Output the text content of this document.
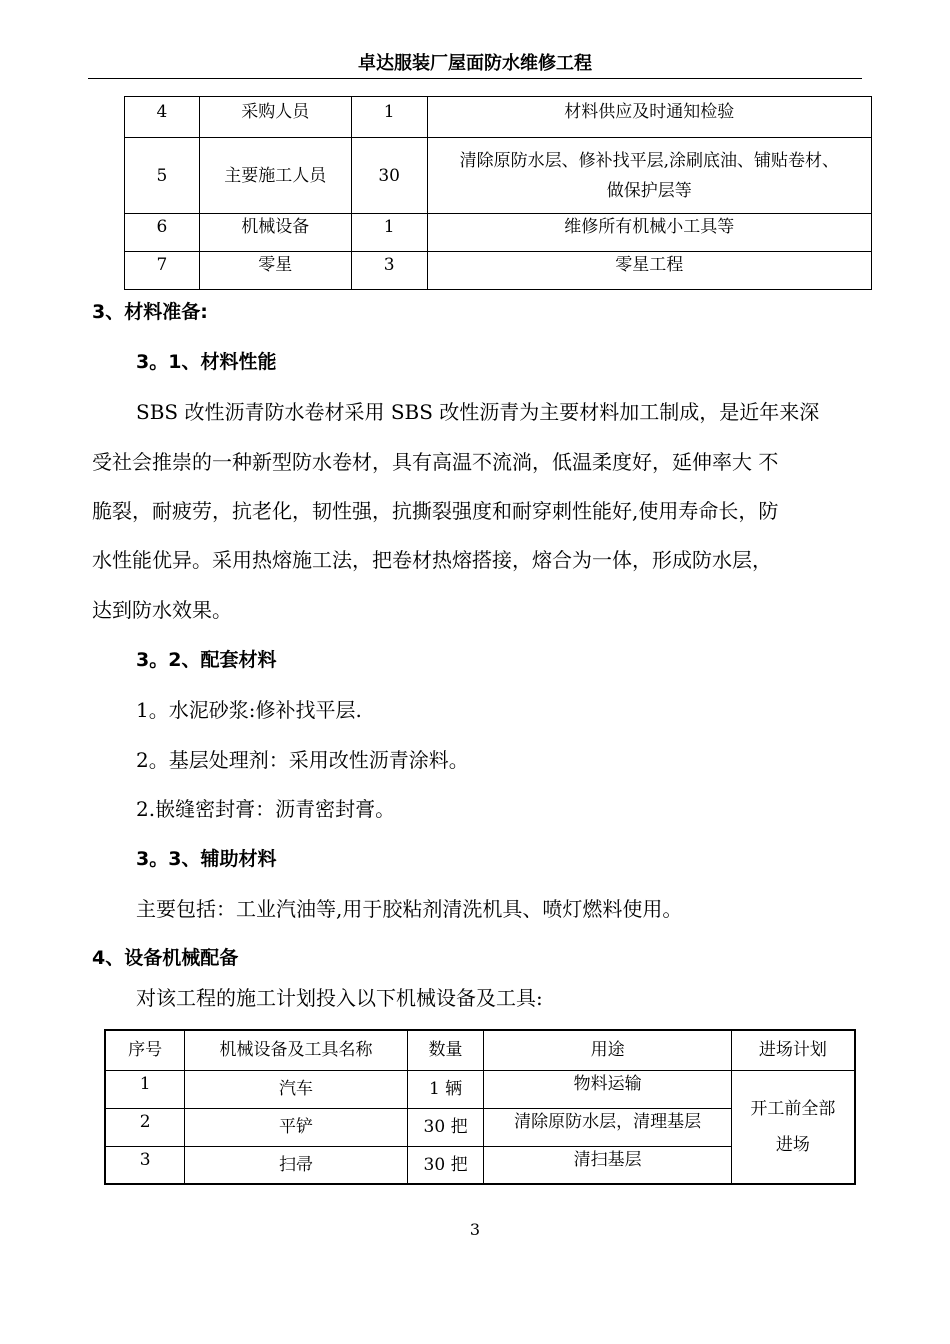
卓达服装厂屋面防水维修工程
4	采购人员	1	材料供应及时通知检验
5	主要施工人员	30	清除原防水层、修补找平层,涂刷底油、铺贴卷材、
做保护层等

6	机械设备	1	维修所有机械小工具等
7	零星	3	零星工程
3、材料准备:
3。1、材料性能
SBS 改性沥青防水卷材采用 SBS 改性沥青为主要材料加工制成，是近年来深
受社会推崇的一种新型防水卷材，具有高温不流淌，低温柔度好，延伸率大 不
脆裂，耐疲劳，抗老化，韧性强，抗撕裂强度和耐穿刺性能好,使用寿命长，防
水性能优异。采用热熔施工法，把卷材热熔搭接，熔合为一体，形成防水层，
达到防水效果。
3。2、配套材料
1。水泥砂浆:修补找平层.
2。基层处理剂：采用改性沥青涂料。
2.嵌缝密封膏：沥青密封膏。
3。3、辅助材料
主要包括：工业汽油等,用于胶粘剂清洗机具、喷灯燃料使用。
4、设备机械配备
对该工程的施工计划投入以下机械设备及工具:
序号	机械设备及工具名称	数量	用途	进场计划
1	汽车	1 辆	物料运输	开工前全部
进场

2	平铲	30 把	清除原防水层，清理基层	
3	扫帚	30 把	清扫基层	
3
